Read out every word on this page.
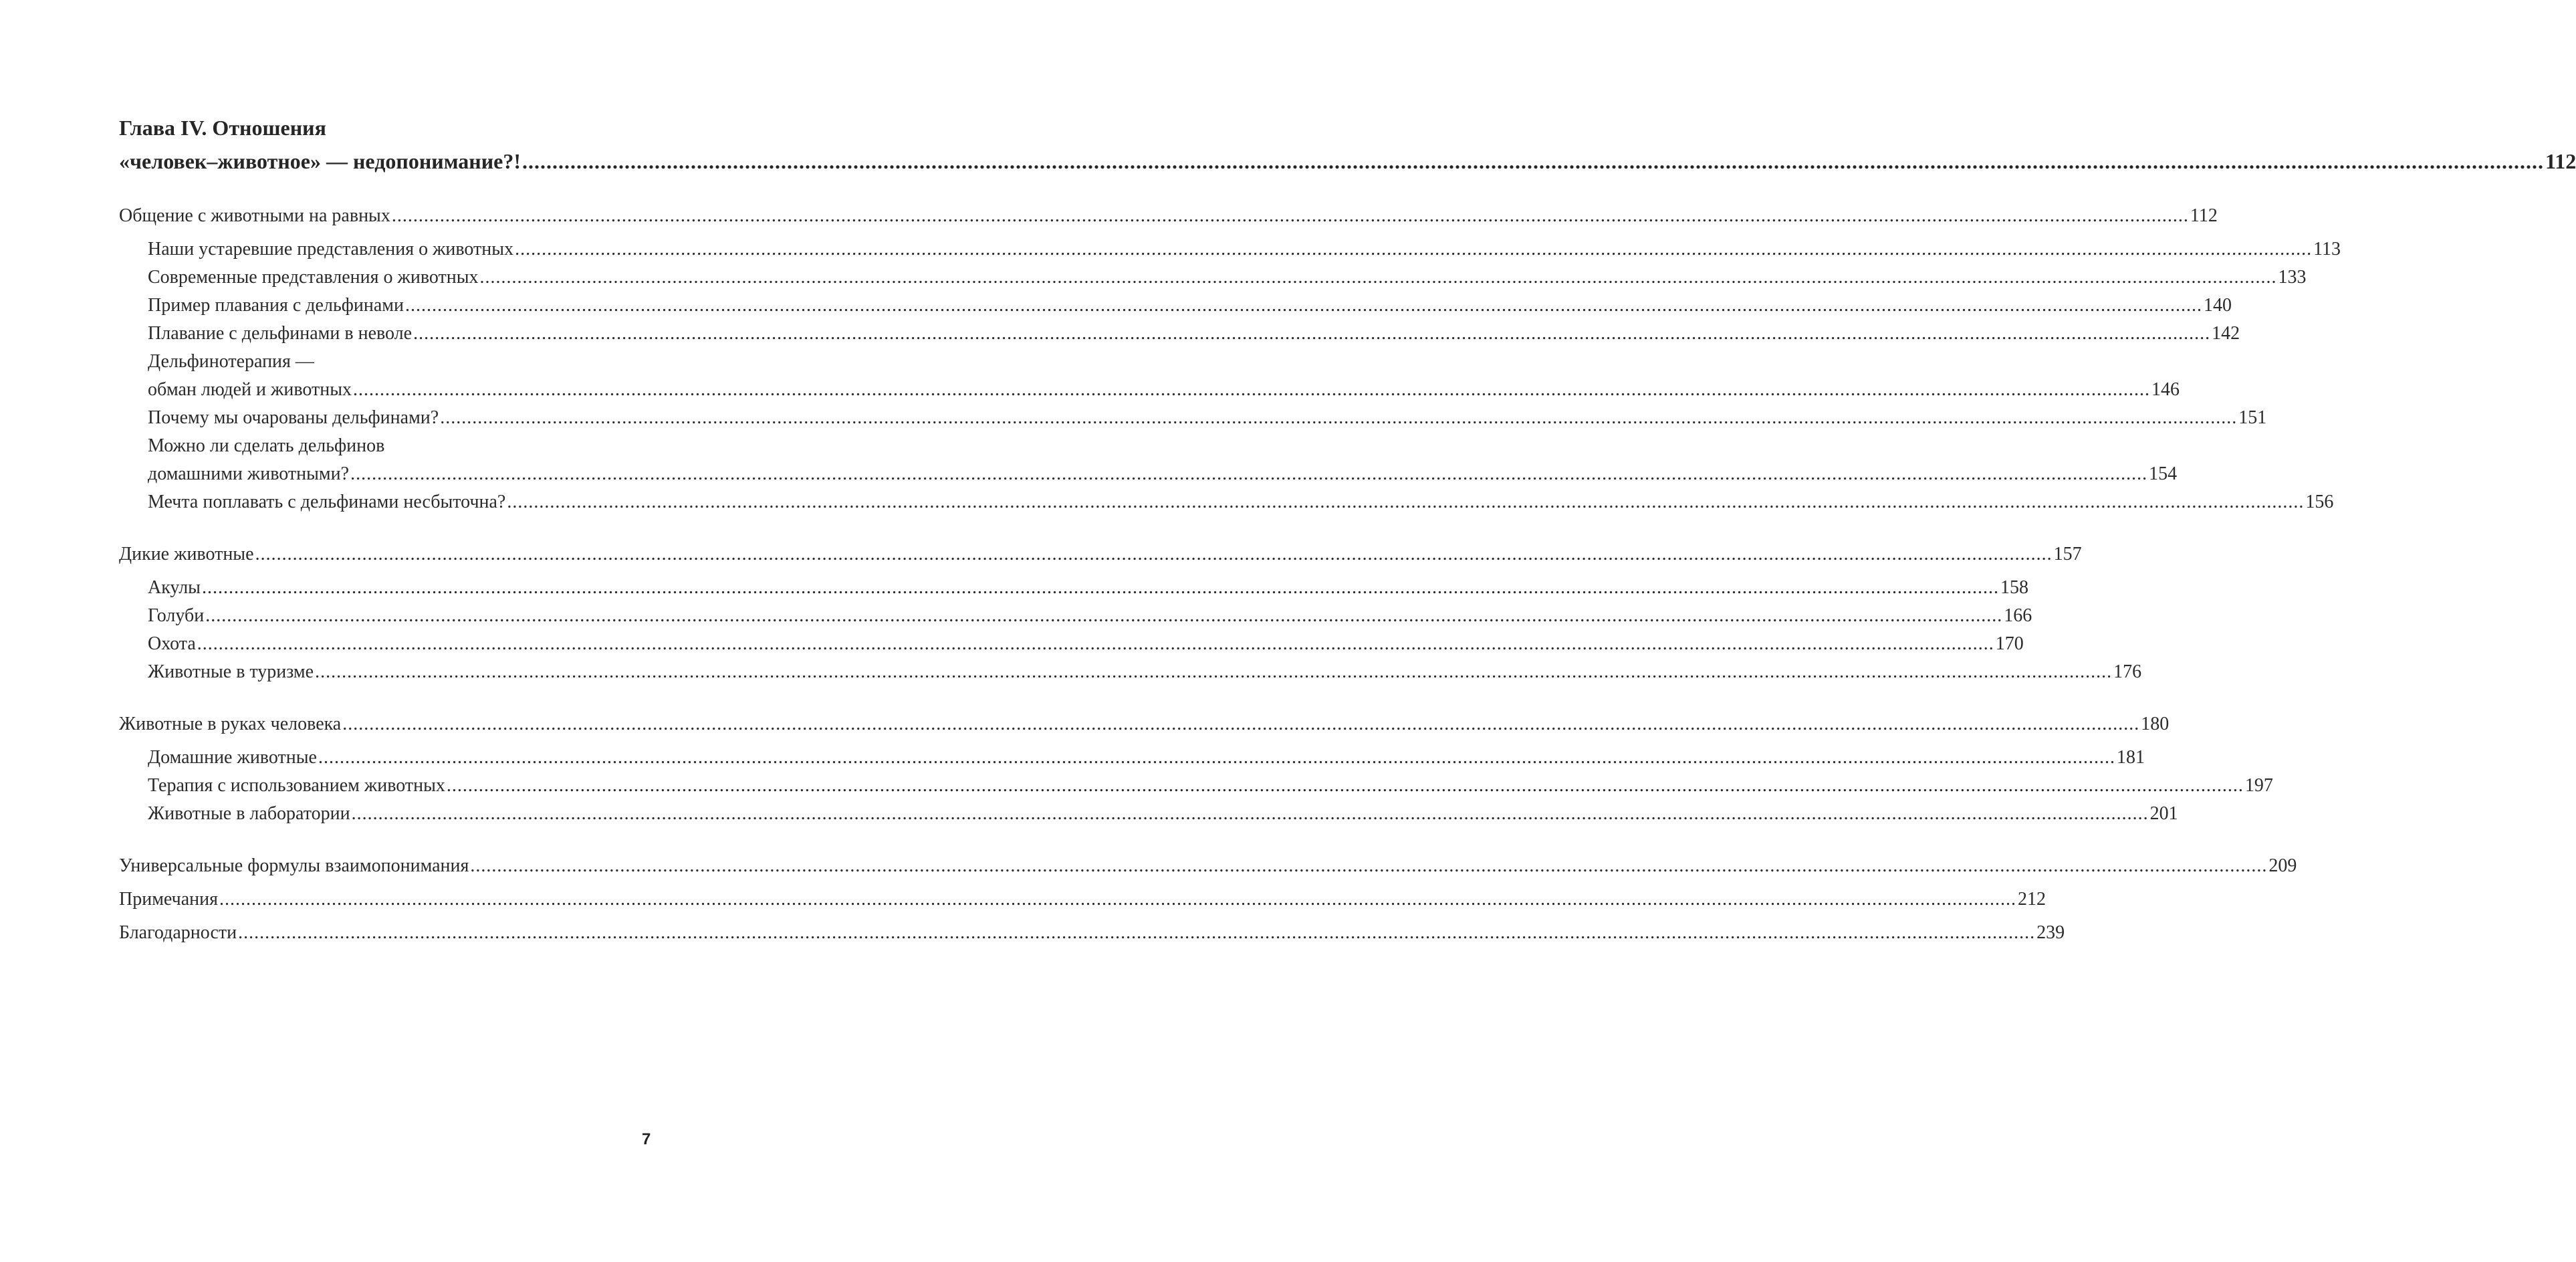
Глава IV. Отношения
«человек–животное» — недопонимание?! .....	112
Общение с животными на равных .....	112
Наши устаревшие представления о животных .....	113
Современные представления о животных .....	133
Пример плавания с дельфинами .....	140
Плавание с дельфинами в неволе .....	142
Дельфинотерапия —
обман людей и животных .....	146
Почему мы очарованы дельфинами? .....	151
Можно ли сделать дельфинов
домашними животными? .....	154
Мечта поплавать с дельфинами несбыточна? .....	156
Дикие животные .....	157
Акулы .....	158
Голуби .....	166
Охота .....	170
Животные в туризме .....	176
Животные в руках человека .....	180
Домашние животные .....	181
Терапия с использованием животных .....	197
Животные в лаборатории .....	201
Универсальные формулы взаимопонимания .....	209
Примечания .....	212
Благодарности .....	239
7
